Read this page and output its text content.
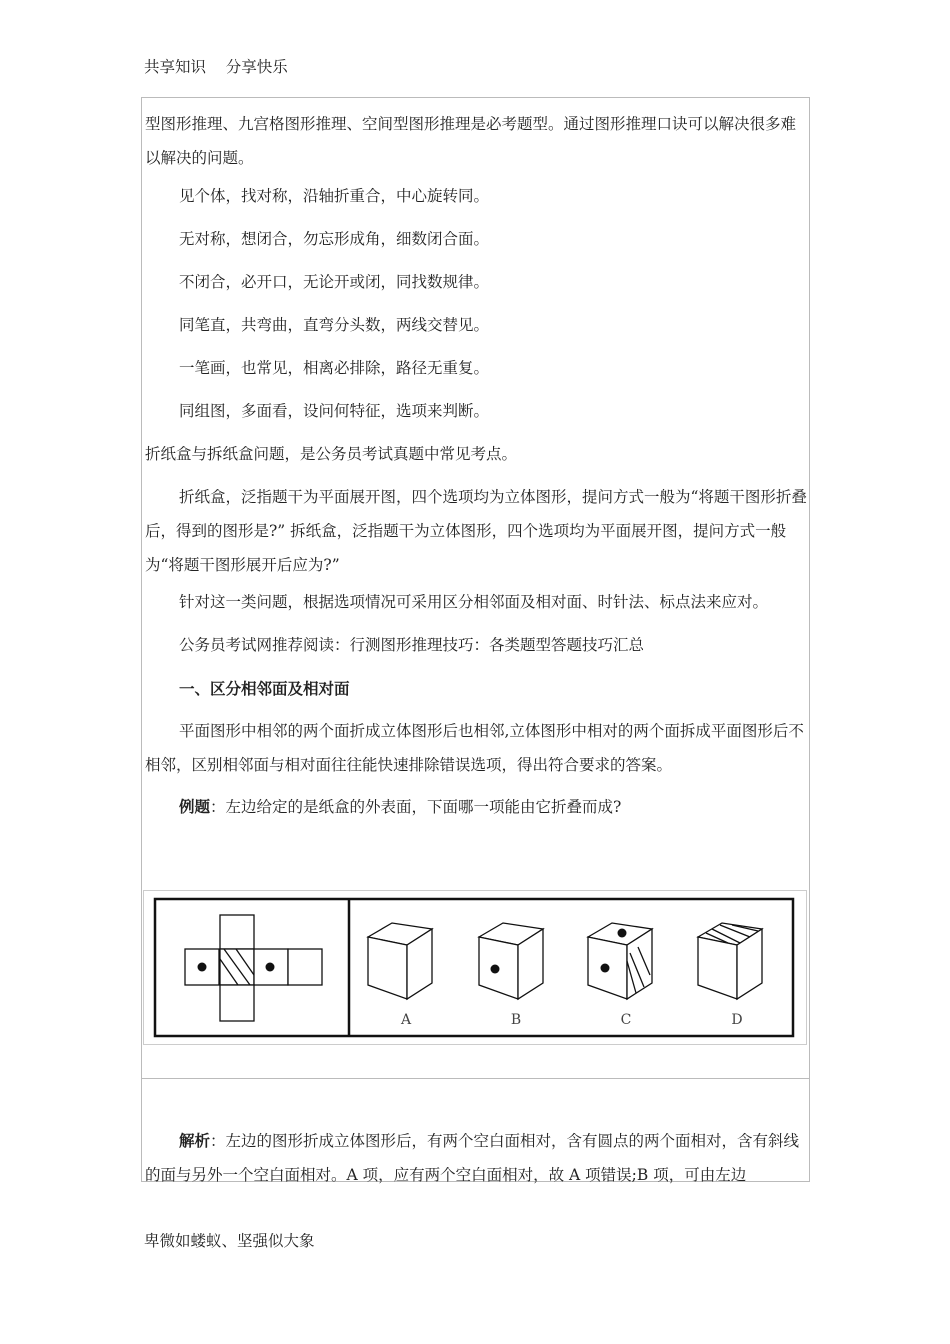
共享知识    分享快乐

型图形推理、九宫格图形推理、空间型图形推理是必考题型。通过图形推理口诀可以解决很多难以解决的问题。

见个体，找对称，沿轴折重合，中心旋转同。

无对称，想闭合，勿忘形成角，细数闭合面。

不闭合，必开口，无论开或闭，同找数规律。

同笔直，共弯曲，直弯分头数，两线交替见。

一笔画，也常见，相离必排除，路径无重复。

同组图，多面看，设问何特征，选项来判断。

折纸盒与拆纸盒问题，是公务员考试真题中常见考点。

折纸盒，泛指题干为平面展开图，四个选项均为立体图形，提问方式一般为“将题干图形折叠后，得到的图形是?” 拆纸盒，泛指题干为立体图形，四个选项均为平面展开图，提问方式一般为“将题干图形展开后应为?”

针对这一类问题，根据选项情况可采用区分相邻面及相对面、时针法、标点法来应对。

公务员考试网推荐阅读：行测图形推理技巧：各类题型答题技巧汇总

一、区分相邻面及相对面

平面图形中相邻的两个面折成立体图形后也相邻,立体图形中相对的两个面拆成平面图形后不相邻，区别相邻面与相对面往往能快速排除错误选项，得出符合要求的答案。

例题：左边给定的是纸盒的外表面，下面哪一项能由它折叠而成?

A	B	C	D

解析：左边的图形折成立体图形后，有两个空白面相对，含有圆点的两个面相对，含有斜线的面与另外一个空白面相对。A 项，应有两个空白面相对，故 A 项错误;B 项，可由左边

卑微如蝼蚁、坚强似大象
